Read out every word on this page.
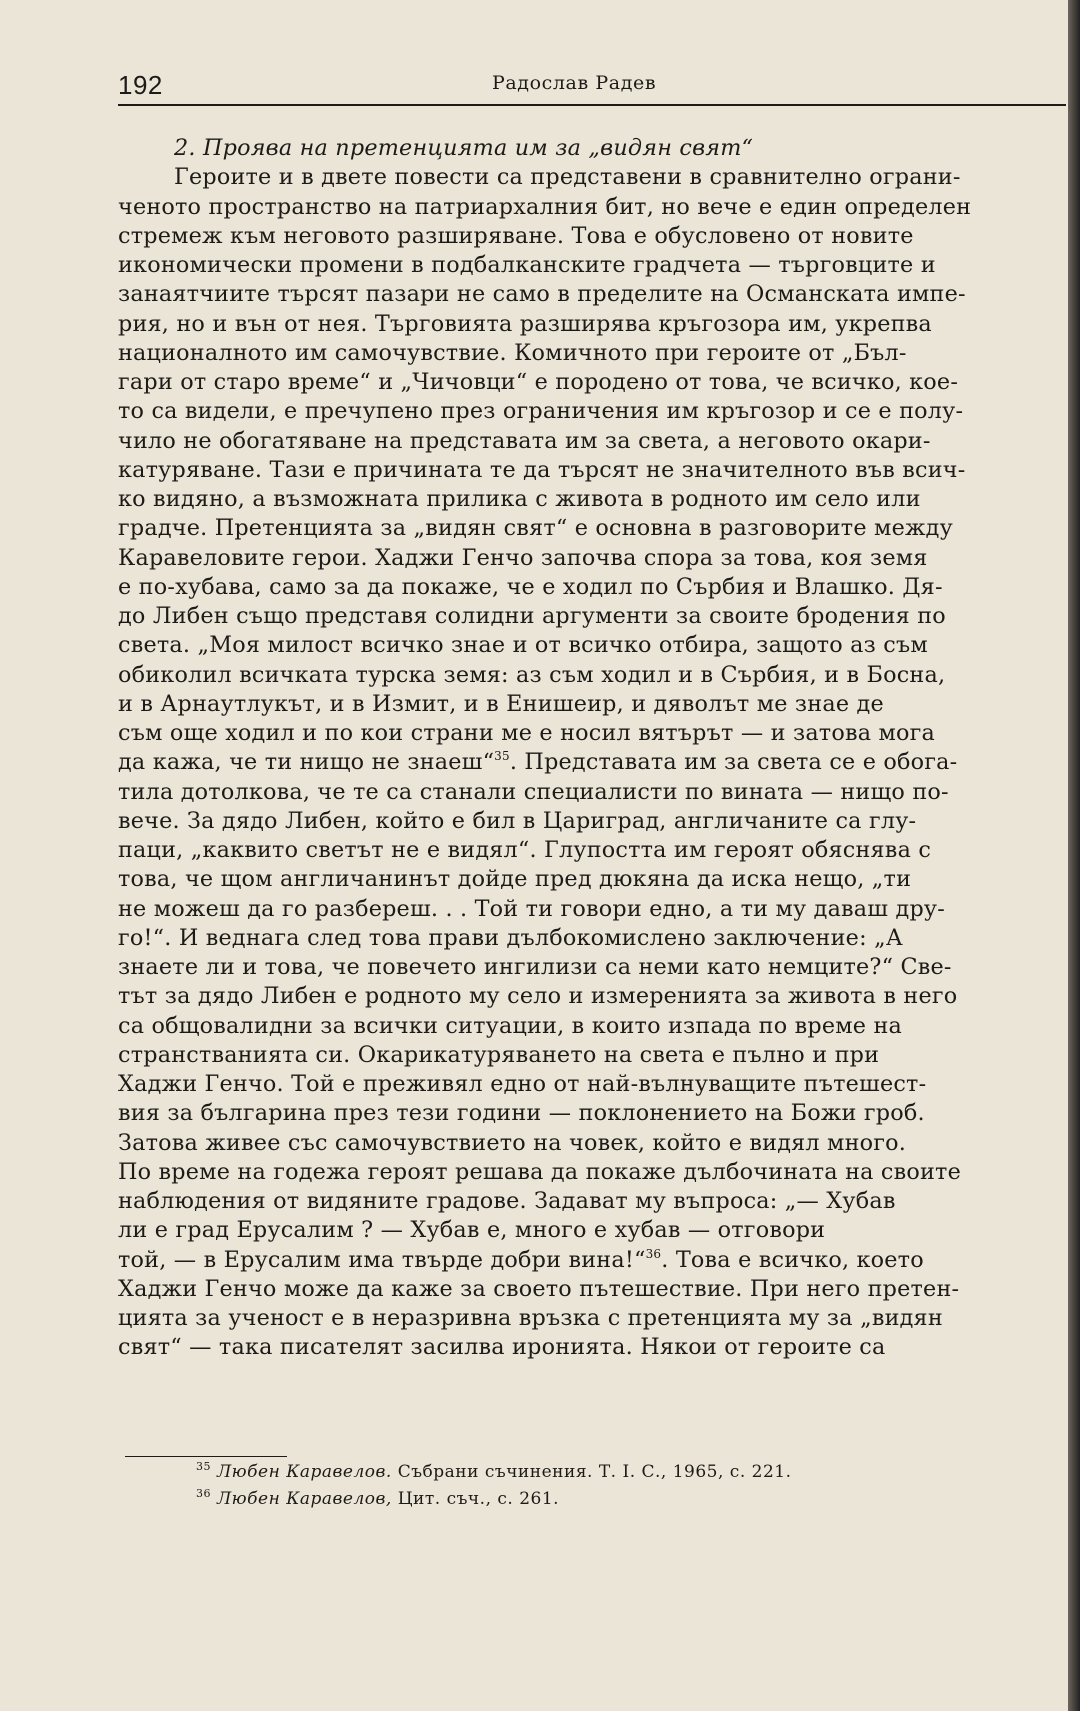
192	Радослав Радев
2. Проява на претенцията им за „видян свят“
Героите и в двете повести са представени в сравнително ограни-
ченото пространство на патриархалния бит, но вече е един определен
стремеж към неговото разширяване. Това е обусловено от новите
икономически промени в подбалканските градчета — търговците и
занаятчиите търсят пазари не само в пределите на Османската импе-
рия, но и вън от нея. Търговията разширява кръгозора им, укрепва
националното им самочувствие. Комичното при героите от „Бъл-
гари от старо време“ и „Чичовци“ е породено от това, че всичко, кое-
то са видели, е пречупено през ограничения им кръгозор и се е полу-
чило не обогатяване на представата им за света, а неговото окари-
катуряване. Тази е причината те да търсят не значителното във всич-
ко видяно, а възможната прилика с живота в родното им село или
градче. Претенцията за „видян свят“ е основна в разговорите между
Каравеловите герои. Хаджи Генчо започва спора за това, коя земя
е по-хубава, само за да покаже, че е ходил по Сърбия и Влашко. Дя-
до Либен също представя солидни аргументи за своите бродения по
света. „Моя милост всичко знае и от всичко отбира, защото аз съм
обиколил всичката турска земя: аз съм ходил и в Сърбия, и в Босна,
и в Арнаутлукът, и в Измит, и в Енишеир, и дяволът ме знае де
съм още ходил и по кои страни ме е носил вятърът — и затова мога
да кажа, че ти нищо не знаеш“$^{35}$. Представата им за света се е обога-
тила дотолкова, че те са станали специалисти по вината — нищо по-
вече. За дядо Либен, който е бил в Цариград, англичаните са глу-
паци, „каквито светът не е видял“. Глупостта им героят обяснява с
това, че щом англичанинът дойде пред дюкяна да иска нещо, „ти
не можеш да го разбереш. . . Той ти говори едно, а ти му даваш дру-
го!“. И веднага след това прави дълбокомислено заключение: „А
знаете ли и това, че повечето ингилизи са неми като немците?“ Све-
тът за дядо Либен е родното му село и измеренията за живота в него
са общовалидни за всички ситуации, в които изпада по време на
странстванията си. Окарикатуряването на света е пълно и при
Хаджи Генчо. Той е преживял едно от най-вълнуващите пътешест-
вия за българина през тези години — поклонението на Божи гроб.
Затова живее със самочувствието на човек, който е видял много.
По време на годежа героят решава да покаже дълбочината на своите
наблюдения от видяните градове. Задават му въпроса: „— Хубав
ли е град Ерусалим ? — Хубав е, много е хубав — отговори
той, — в Ерусалим има твърде добри вина!“$^{36}$. Това е всичко, което
Хаджи Генчо може да каже за своето пътешествие. При него претен-
цията за ученост е в неразривна връзка с претенцията му за „видян
свят“ — така писателят засилва иронията. Някои от героите са
$^{35}$ Любен Каравелов. Събрани съчинения. Т. I. С., 1965, с. 221.
$^{36}$ Любен Каравелов, Цит. съч., с. 261.
